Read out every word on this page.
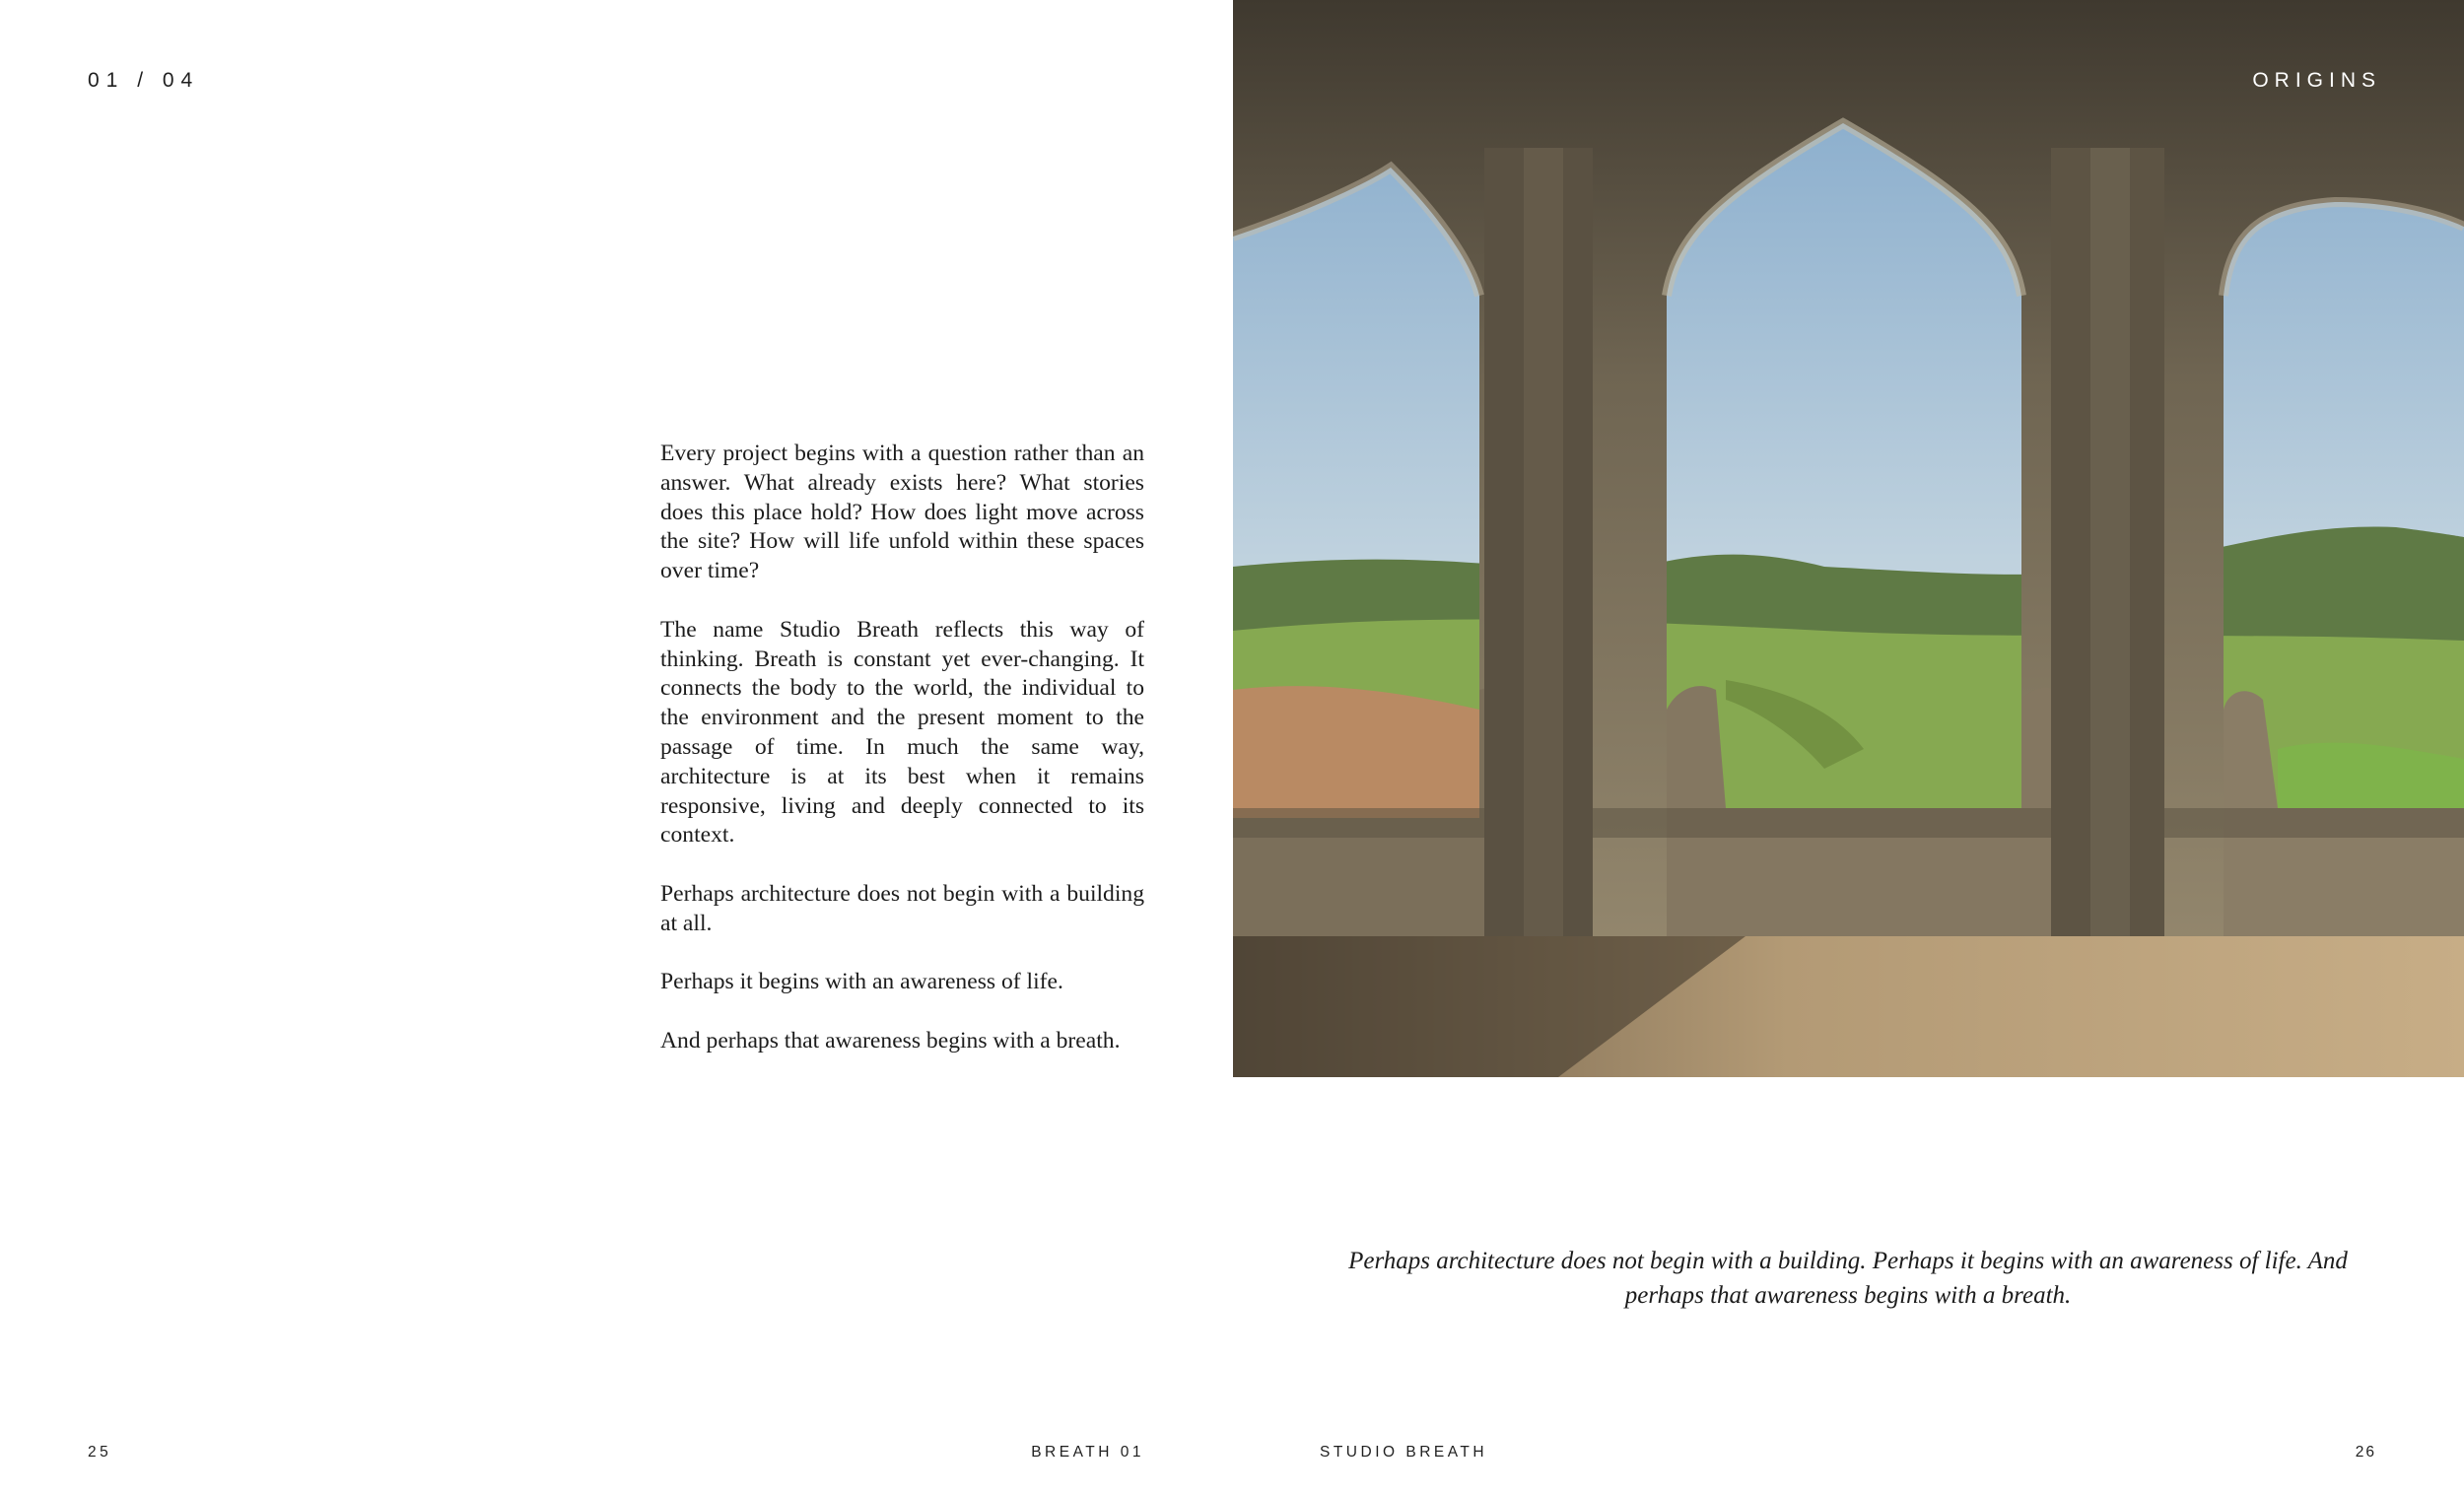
01 / 04

Every project begins with a question rather than an answer. What already exists here? What stories does this place hold? How does light move across the site? How will life unfold within these spaces over time?

The name Studio Breath reflects this way of thinking. Breath is constant yet ever-changing. It connects the body to the world, the individual to the environment and the present moment to the passage of time. In much the same way, architecture is at its best when it remains responsive, living and deeply connected to its context.

Perhaps architecture does not begin with a building at all.

Perhaps it begins with an awareness of life.

And perhaps that awareness begins with a breath.

25	BREATH 01
ORIGINS
Perhaps architecture does not begin with a building. Perhaps it begins with an awareness of life. And perhaps that awareness begins with a breath.
STUDIO BREATH	26
